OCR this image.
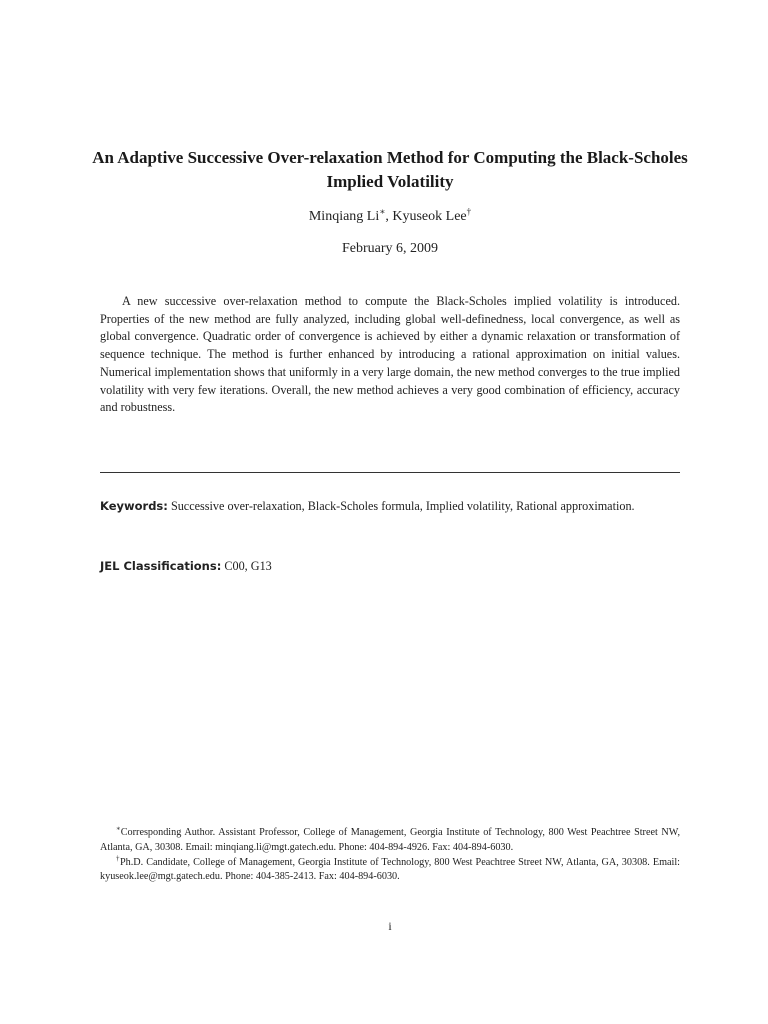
An Adaptive Successive Over-relaxation Method for Computing the Black-Scholes Implied Volatility
Minqiang Li∗, Kyuseok Lee†
February 6, 2009

A new successive over-relaxation method to compute the Black-Scholes implied volatility is introduced. Properties of the new method are fully analyzed, including global well-definedness, local convergence, as well as global convergence. Quadratic order of convergence is achieved by either a dynamic relaxation or transformation of sequence technique. The method is further enhanced by introducing a rational approximation on initial values. Numerical implementation shows that uniformly in a very large domain, the new method converges to the true implied volatility with very few iterations. Overall, the new method achieves a very good combination of efficiency, accuracy and robustness.

Keywords: Successive over-relaxation, Black-Scholes formula, Implied volatility, Rational approximation.

JEL Classifications: C00, G13

∗Corresponding Author. Assistant Professor, College of Management, Georgia Institute of Technology, 800 West Peachtree Street NW, Atlanta, GA, 30308. Email: minqiang.li@mgt.gatech.edu. Phone: 404-894-4926. Fax: 404-894-6030.

†Ph.D. Candidate, College of Management, Georgia Institute of Technology, 800 West Peachtree Street NW, Atlanta, GA, 30308. Email: kyuseok.lee@mgt.gatech.edu. Phone: 404-385-2413. Fax: 404-894-6030.

i
